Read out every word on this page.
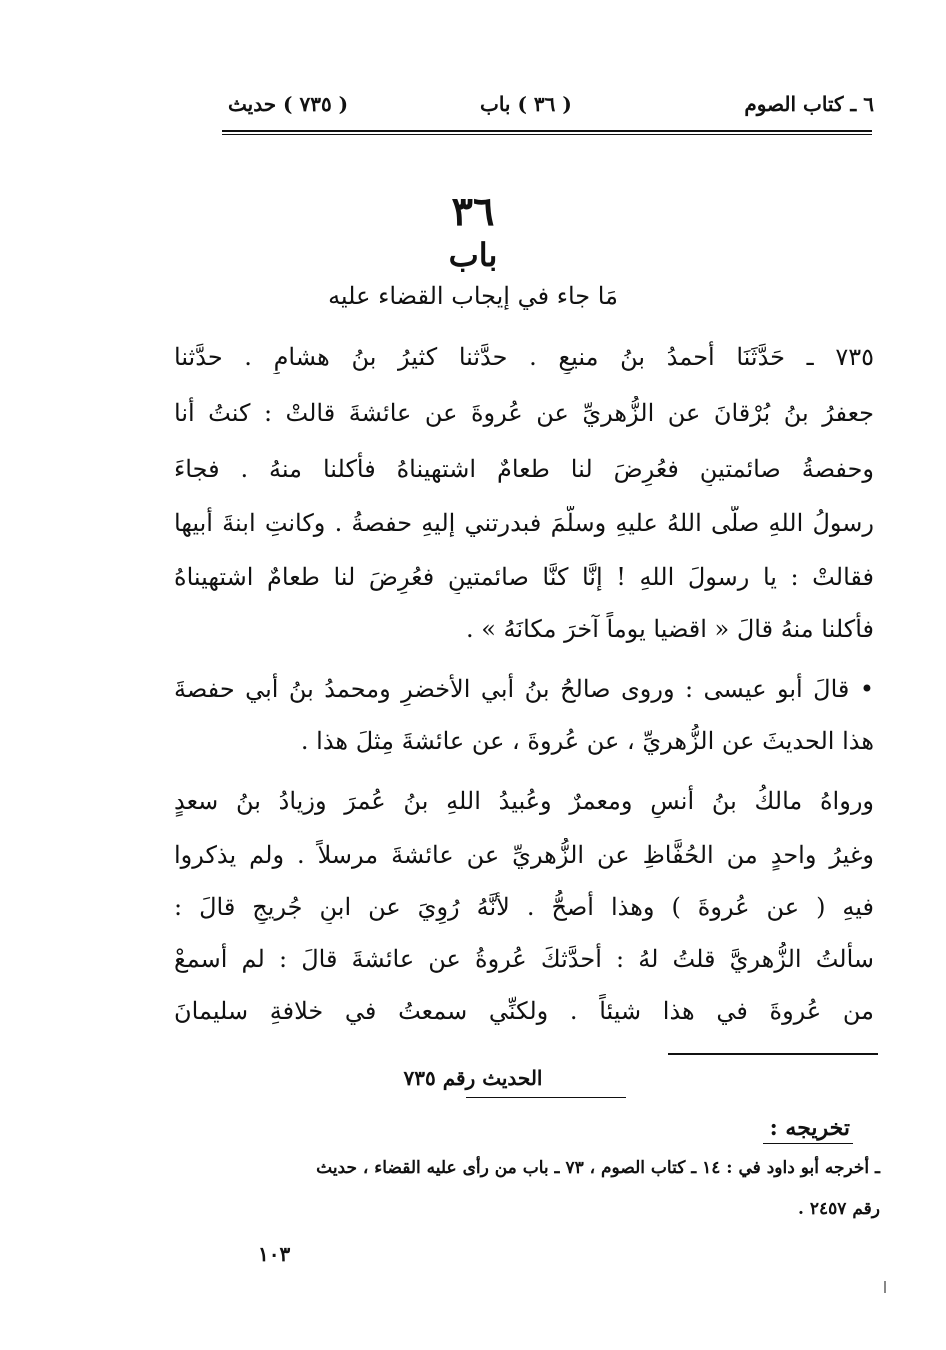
٦ ـ كتاب الصوم
( ٣٦ ) باب
( ٧٣٥ ) حديث
٣٦
باب
مَا جاء في إيجاب القضاء عليه
٧٣٥ ـ حَدَّثَنَا أحمدُ بنُ منيعٍ . حدَّثنا كثيرُ بنُ هشامٍ . حدَّثنا
جعفرُ بنُ بُرْقانَ عن الزُّهريِّ عن عُروةَ عن عائشةَ قالتْ : كنتُ أنا
وحفصةُ صائمتينِ فعُرِضَ لنا طعامٌ اشتهيناهُ فأكلنا منهُ . فجاءَ
رسولُ اللهِ صلَّى اللهُ عليهِ وسلَّمَ فبدرتني إليهِ حفصةُ . وكانتِ ابنةَ أبيها
فقالتْ : يا رسولَ اللهِ ! إنَّا كنَّا صائمتينِ فعُرِضَ لنا طعامٌ اشتهيناهُ
فأكلنا منهُ قالَ « اقضيا يوماً آخرَ مكانَهُ » .
• قالَ أبو عيسى : وروى صالحُ بنُ أبي الأخضرِ ومحمدُ بنُ أبي حفصةَ
هذا الحديثَ عن الزُّهريِّ ، عن عُروةَ ، عن عائشةَ مِثلَ هذا .
ورواهُ مالكُ بنُ أنسٍ ومعمرٌ وعُبيدُ اللهِ بنُ عُمرَ وزيادُ بنُ سعدٍ
وغيرُ واحدٍ من الحُفَّاظِ عن الزُّهريِّ عن عائشةَ مرسلاً . ولم يذكروا
فيهِ ( عن عُروةَ ) وهذا أصحُّ . لأنَّهُ رُوِيَ عن ابنِ جُريجٍ قالَ :
سألتُ الزُّهريَّ قلتُ لهُ : أحدَّثكَ عُروةُ عن عائشةَ قالَ : لم أسمعْ
من عُروةَ في هذا شيئاً . ولكنِّي سمعتُ في خلافةِ سليمانَ
الحديث رقم ٧٣٥
تخريجه :
ـ أخرجه أبو داود في : ١٤ ـ كتاب الصوم ، ٧٣ ـ باب من رأى عليه القضاء ، حديث
رقم ٢٤٥٧ .
١٠٣
